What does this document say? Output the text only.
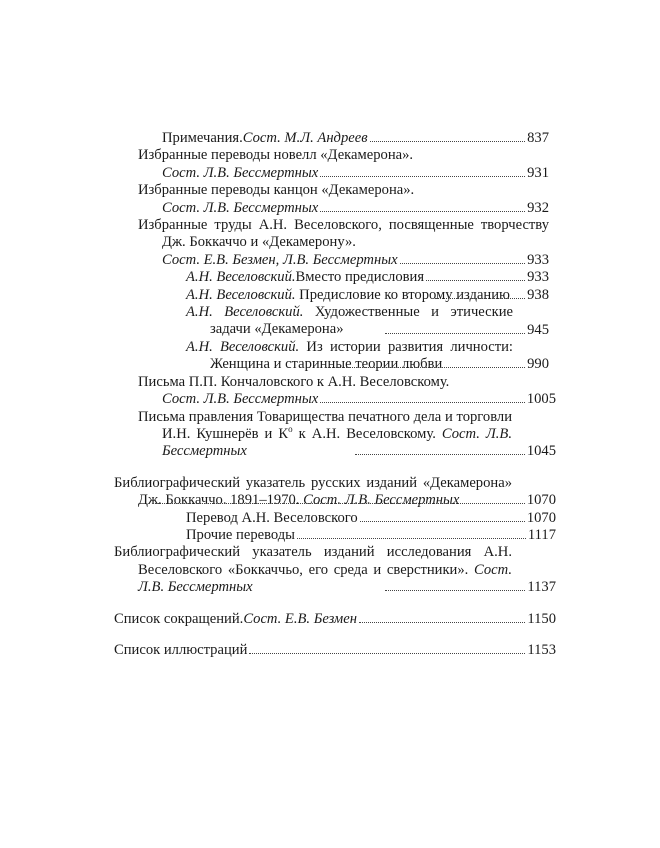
Примечания. Сост. М.Л. Андреев	837
Избранные переводы новелл «Декамерона».
Сост. Л.В. Бессмертных	931
Избранные переводы канцон «Декамерона».
Сост. Л.В. Бессмертных	932
Избранные труды А.Н. Веселовского, посвященные творчеству Дж. Боккаччо и «Декамерону».
Сост. Е.В. Безмен, Л.В. Бессмертных	933
А.Н. Веселовский. Вместо предисловия	933
А.Н. Веселовский. Предисловие ко второму изданию	938
А.Н. Веселовский. Художественные и этические задачи «Декамерона»	945
А.Н. Веселовский. Из истории развития личности: Женщина и старинные теории любви	990
Письма П.П. Кончаловского к А.Н. Веселовскому.
Сост. Л.В. Бессмертных	1005
Письма правления Товарищества печатного дела и торговли И.Н. Кушнерёв и $К^о$ к А.Н. Веселовскому. Сост. Л.В. Бессмертных	1045
Библиографический указатель русских изданий «Декамерона» Дж. Боккаччо. 1891–1970. Сост. Л.В. Бессмертных	1070
Перевод А.Н. Веселовского	1070
Прочие переводы	1117
Библиографический указатель изданий исследования А.Н. Веселовского «Боккаччьо, его среда и сверстники». Сост. Л.В. Бессмертных	1137
Список сокращений. Сост. Е.В. Безмен	1150
Список иллюстраций	1153
